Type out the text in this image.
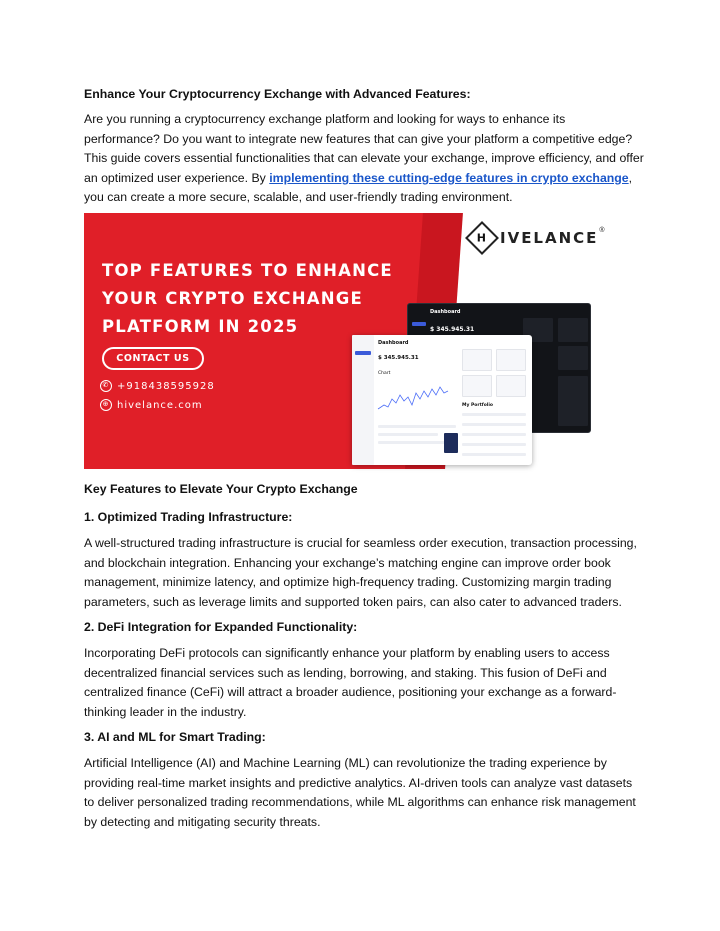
Enhance Your Cryptocurrency Exchange with Advanced Features:
Are you running a cryptocurrency exchange platform and looking for ways to enhance its performance? Do you want to integrate new features that can give your platform a competitive edge? This guide covers essential functionalities that can elevate your exchange, improve efficiency, and offer an optimized user experience. By implementing these cutting-edge features in crypto exchange, you can create a more secure, scalable, and user-friendly trading environment.
TOP FEATURES TO ENHANCE
YOUR CRYPTO EXCHANGE
PLATFORM IN 2025
CONTACT US
✆ +918438595928
⊕ hivelance.com
H IVELANCE ®
Dashboard
$ 345.945.31
Dashboard
$ 345.945.31
Chart
My Portfolio
Key Features to Elevate Your Crypto Exchange
1. Optimized Trading Infrastructure:
A well-structured trading infrastructure is crucial for seamless order execution, transaction processing, and blockchain integration. Enhancing your exchange’s matching engine can improve order book management, minimize latency, and optimize high-frequency trading. Customizing margin trading parameters, such as leverage limits and supported token pairs, can also cater to advanced traders.
2. DeFi Integration for Expanded Functionality:
Incorporating DeFi protocols can significantly enhance your platform by enabling users to access decentralized financial services such as lending, borrowing, and staking. This fusion of DeFi and centralized finance (CeFi) will attract a broader audience, positioning your exchange as a forward-thinking leader in the industry.
3. AI and ML for Smart Trading:
Artificial Intelligence (AI) and Machine Learning (ML) can revolutionize the trading experience by providing real-time market insights and predictive analytics. AI-driven tools can analyze vast datasets to deliver personalized trading recommendations, while ML algorithms can enhance risk management by detecting and mitigating security threats.
